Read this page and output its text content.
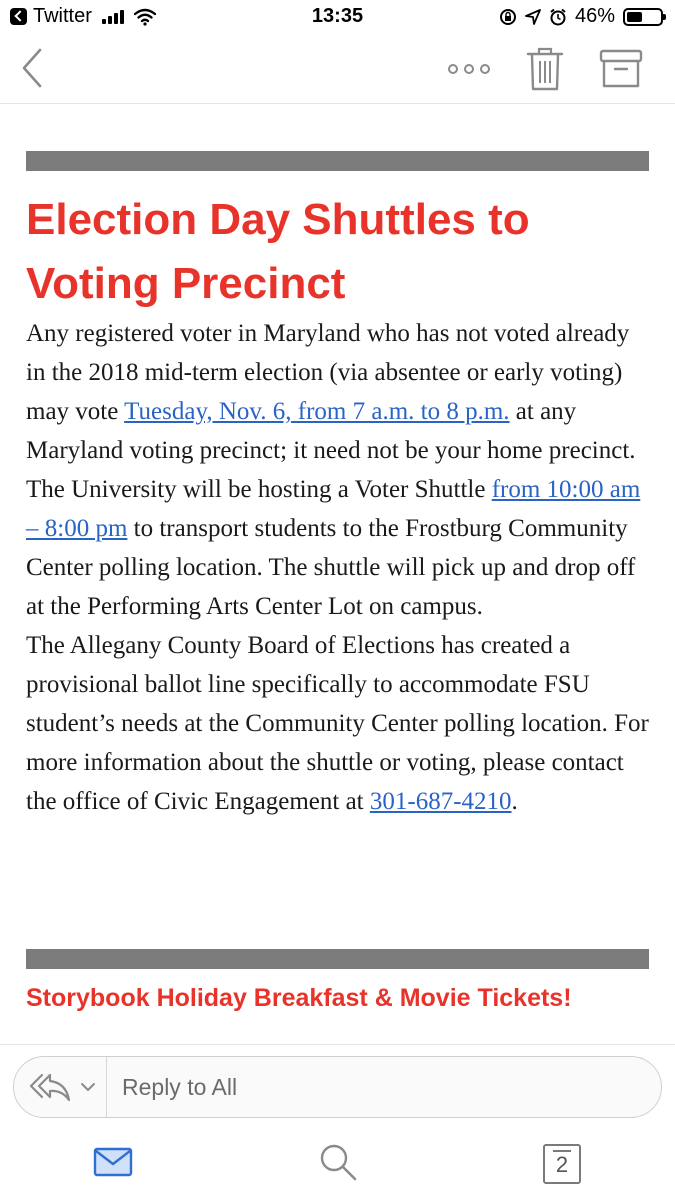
Twitter	13:35	46%
Election Day Shuttles to Voting Precinct
Any registered voter in Maryland who has not voted already in the 2018 mid-term election (via absentee or early voting) may vote Tuesday, Nov. 6, from 7 a.m. to 8 p.m. at any Maryland voting precinct; it need not be your home precinct.
The University will be hosting a Voter Shuttle from 10:00 am – 8:00 pm to transport students to the Frostburg Community Center polling location. The shuttle will pick up and drop off at the Performing Arts Center Lot on campus.
The Allegany County Board of Elections has created a provisional ballot line specifically to accommodate FSU student’s needs at the Community Center polling location. For more information about the shuttle or voting, please contact the office of Civic Engagement at 301-687-4210.
Storybook Holiday Breakfast & Movie Tickets!
Reply to All
2
